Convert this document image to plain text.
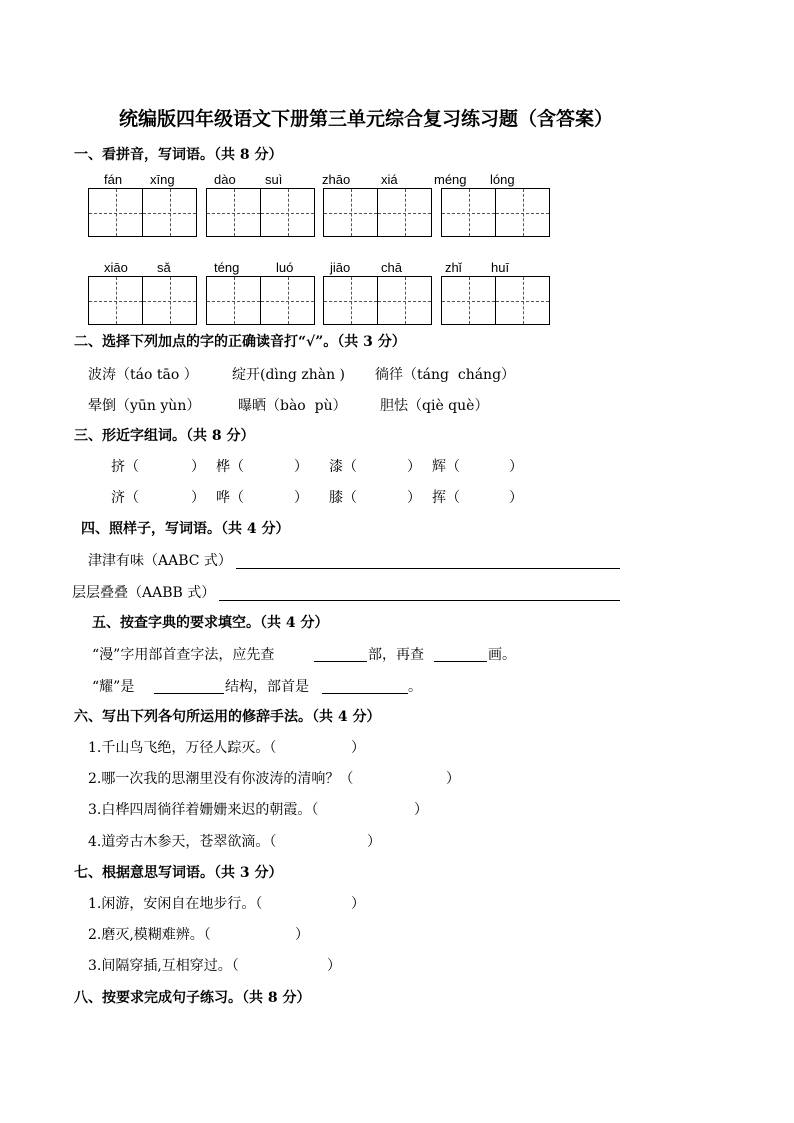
统编版四年级语文下册第三单元综合复习练习题（含答案）
一、看拼音，写词语。（共 8 分）
fán xīng	dào suì	zhāo xiá	méng lóng
xiāo sǎ	téng	luó	jiāo chā	zhǐ huī
二、选择下列加点的字的正确读音打“√”。（共 3 分）
波涛（táo tāo ） 绽开(dìng zhàn ) 徜徉（táng  cháng）
晕倒（yūn yùn）	曝晒（bào  pù） 胆怯（qiè què）
三、形近字组词。（共 8 分）
挤（	） 桦（	） 漆（	） 辉（	）
济（	） 哗（	） 膝（	） 挥（	）
四、照样子，写词语。（共 4 分）
津津有味（AABC 式）
层层叠叠（AABB 式）
五、按查字典的要求填空。（共 4 分）
“漫”字用部首查字法，应先查	部，再查	画。
“耀”是	结构，部首是	。
六、写出下列各句所运用的修辞手法。（共 4 分）
1.千山鸟飞绝，万径人踪灭。（	）
2.哪一次我的思潮里没有你波涛的清响？（	）
3.白桦四周徜徉着姗姗来迟的朝霞。（	）
4.道旁古木参天，苍翠欲滴。（	）
七、根据意思写词语。（共 3 分）
1.闲游，安闲自在地步行。（	）
2.磨灭,模糊难辨。（	）
3.间隔穿插,互相穿过。（	）
八、按要求完成句子练习。（共 8 分）
